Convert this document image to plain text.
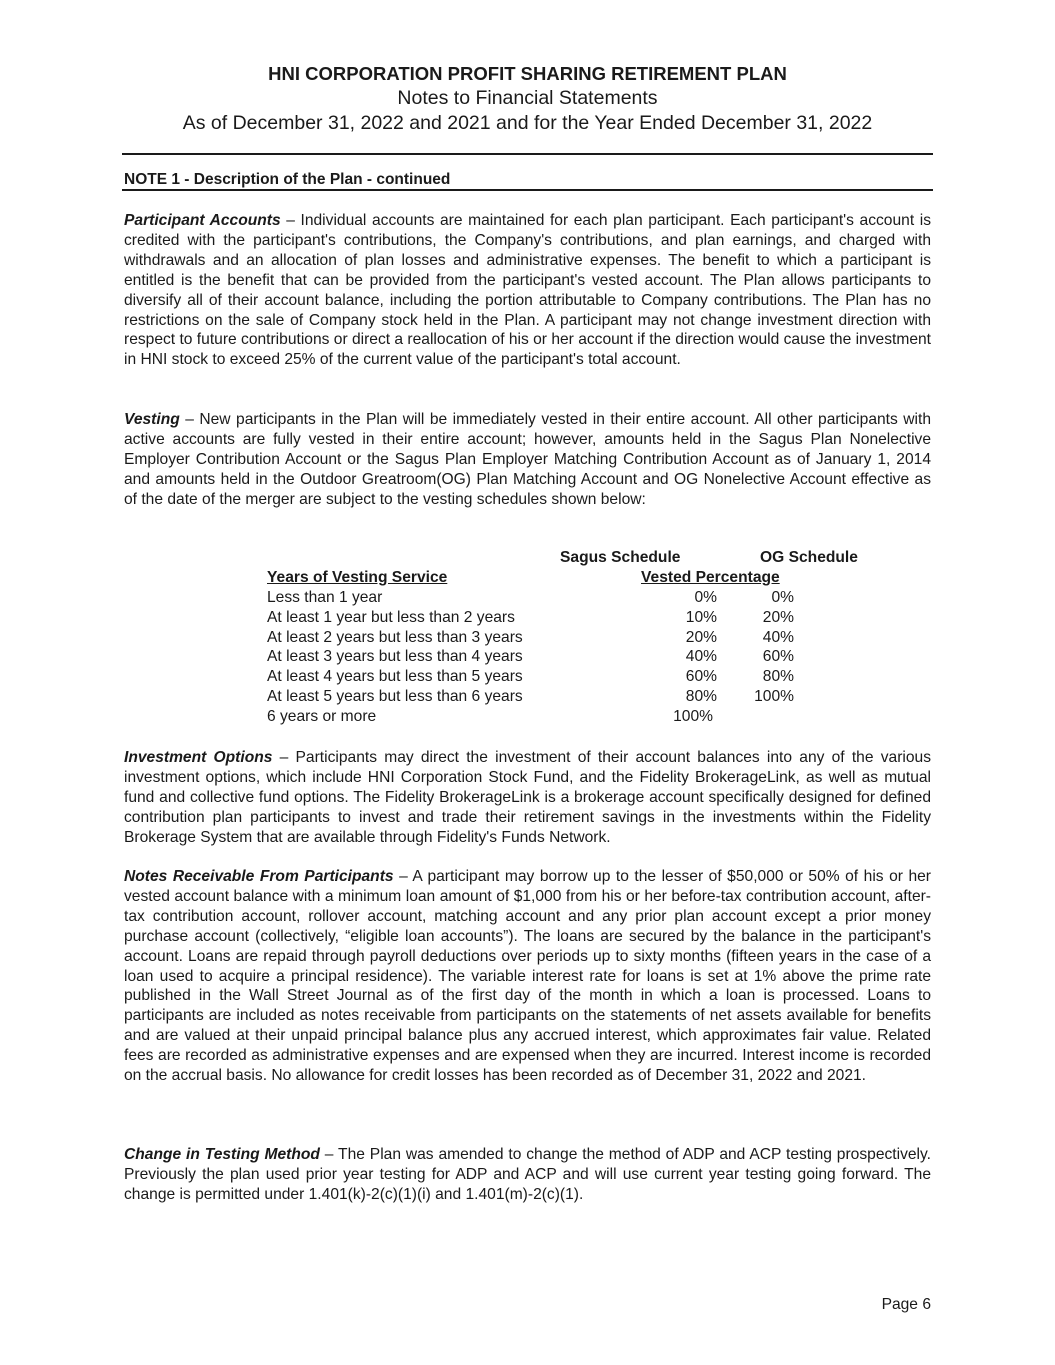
HNI CORPORATION PROFIT SHARING RETIREMENT PLAN
Notes to Financial Statements
As of December 31, 2022 and 2021 and for the Year Ended December 31, 2022
NOTE 1 - Description of the Plan - continued

Participant Accounts – Individual accounts are maintained for each plan participant. Each participant's account is credited with the participant's contributions, the Company's contributions, and plan earnings, and charged with withdrawals and an allocation of plan losses and administrative expenses. The benefit to which a participant is entitled is the benefit that can be provided from the participant's vested account. The Plan allows participants to diversify all of their account balance, including the portion attributable to Company contributions. The Plan has no restrictions on the sale of Company stock held in the Plan. A participant may not change investment direction with respect to future contributions or direct a reallocation of his or her account if the direction would cause the investment in HNI stock to exceed 25% of the current value of the participant's total account.

Vesting – New participants in the Plan will be immediately vested in their entire account. All other participants with active accounts are fully vested in their entire account; however, amounts held in the Sagus Plan Nonelective Employer Contribution Account or the Sagus Plan Employer Matching Contribution Account as of January 1, 2014 and amounts held in the Outdoor Greatroom(OG) Plan Matching Account and OG Nonelective Account effective as of the date of the merger are subject to the vesting schedules shown below:

Sagus Schedule	OG Schedule
Years of Vesting Service	Vested Percentage
Less than 1 year	0%	0%
At least 1 year but less than 2 years	10%	20%
At least 2 years but less than 3 years	20%	40%
At least 3 years but less than 4 years	40%	60%
At least 4 years but less than 5 years	60%	80%
At least 5 years but less than 6 years	80% 100%
6 years or more	100%

Investment Options – Participants may direct the investment of their account balances into any of the various investment options, which include HNI Corporation Stock Fund, and the Fidelity BrokerageLink, as well as mutual fund and collective fund options. The Fidelity BrokerageLink is a brokerage account specifically designed for defined contribution plan participants to invest and trade their retirement savings in the investments within the Fidelity Brokerage System that are available through Fidelity's Funds Network.

Notes Receivable From Participants – A participant may borrow up to the lesser of $50,000 or 50% of his or her vested account balance with a minimum loan amount of $1,000 from his or her before-tax contribution account, after-tax contribution account, rollover account, matching account and any prior plan account except a prior money purchase account (collectively, “eligible loan accounts”). The loans are secured by the balance in the participant's account. Loans are repaid through payroll deductions over periods up to sixty months (fifteen years in the case of a loan used to acquire a principal residence). The variable interest rate for loans is set at 1% above the prime rate published in the Wall Street Journal as of the first day of the month in which a loan is processed. Loans to participants are included as notes receivable from participants on the statements of net assets available for benefits and are valued at their unpaid principal balance plus any accrued interest, which approximates fair value. Related fees are recorded as administrative expenses and are expensed when they are incurred. Interest income is recorded on the accrual basis. No allowance for credit losses has been recorded as of December 31, 2022 and 2021.

Change in Testing Method – The Plan was amended to change the method of ADP and ACP testing prospectively. Previously the plan used prior year testing for ADP and ACP and will use current year testing going forward. The change is permitted under 1.401(k)-2(c)(1)(i) and 1.401(m)-2(c)(1).

Page 6
